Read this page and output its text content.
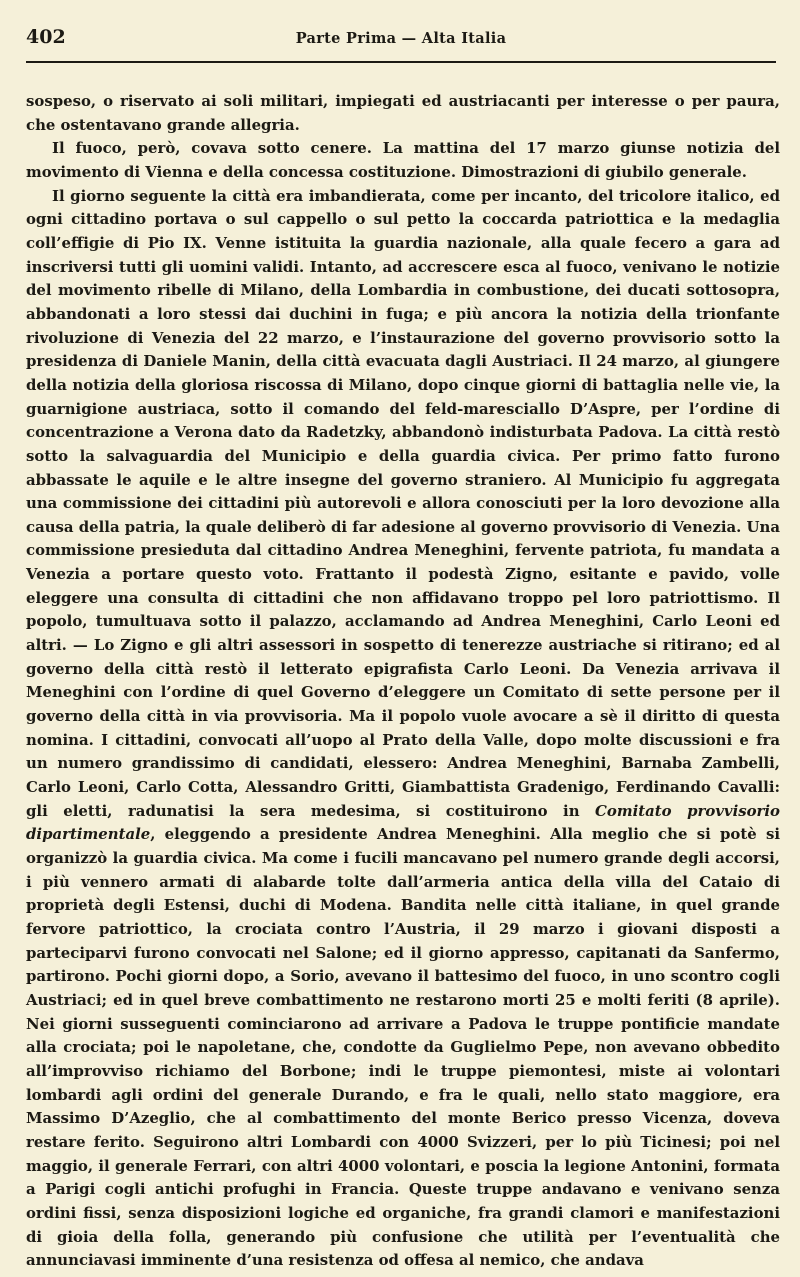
402	Parte Prima — Alta Italia

sospeso, o riservato ai soli militari, impiegati ed austriacanti per interesse o per paura, che ostentavano grande allegria.

Il fuoco, però, covava sotto cenere. La mattina del 17 marzo giunse notizia del movimento di Vienna e della concessa costituzione. Dimostrazioni di giubilo generale.

Il giorno seguente la città era imbandierata, come per incanto, del tricolore italico, ed ogni cittadino portava o sul cappello o sul petto la coccarda patriottica e la medaglia coll’effigie di Pio IX. Venne istituita la guardia nazionale, alla quale fecero a gara ad inscriversi tutti gli uomini validi. Intanto, ad accrescere esca al fuoco, venivano le notizie del movimento ribelle di Milano, della Lombardia in combustione, dei ducati sottosopra, abbandonati a loro stessi dai duchini in fuga; e più ancora la notizia della trionfante rivoluzione di Venezia del 22 marzo, e l’instaurazione del governo provvisorio sotto la presidenza di Daniele Manin, della città evacuata dagli Austriaci. Il 24 marzo, al giungere della notizia della gloriosa riscossa di Milano, dopo cinque giorni di battaglia nelle vie, la guarnigione austriaca, sotto il comando del feld-maresciallo D’Aspre, per l’ordine di concentrazione a Verona dato da Radetzky, abbandonò indisturbata Padova. La città restò sotto la salvaguardia del Municipio e della guardia civica. Per primo fatto furono abbassate le aquile e le altre insegne del governo straniero. Al Municipio fu aggregata una commissione dei cittadini più autorevoli e allora conosciuti per la loro devozione alla causa della patria, la quale deliberò di far adesione al governo provvisorio di Venezia. Una commissione presieduta dal cittadino Andrea Meneghini, fervente patriota, fu mandata a Venezia a portare questo voto. Frattanto il podestà Zigno, esitante e pavido, volle eleggere una consulta di cittadini che non affidavano troppo pel loro patriottismo. Il popolo, tumultuava sotto il palazzo, acclamando ad Andrea Meneghini, Carlo Leoni ed altri. — Lo Zigno e gli altri assessori in sospetto di tenerezze austriache si ritirano; ed al governo della città restò il letterato epigrafista Carlo Leoni. Da Venezia arrivava il Meneghini con l’ordine di quel Governo d’eleggere un Comitato di sette persone per il governo della città in via provvisoria. Ma il popolo vuole avocare a sè il diritto di questa nomina. I cittadini, convocati all’uopo al Prato della Valle, dopo molte discussioni e fra un numero grandissimo di candidati, elessero: Andrea Meneghini, Barnaba Zambelli, Carlo Leoni, Carlo Cotta, Alessandro Gritti, Giambattista Gradenigo, Ferdinando Cavalli: gli eletti, radunatisi la sera medesima, si costituirono in Comitato provvisorio dipartimentale, eleggendo a presidente Andrea Meneghini. Alla meglio che si potè si organizzò la guardia civica. Ma come i fucili mancavano pel numero grande degli accorsi, i più vennero armati di alabarde tolte dall’armeria antica della villa del Cataio di proprietà degli Estensi, duchi di Modena. Bandita nelle città italiane, in quel grande fervore patriottico, la crociata contro l’Austria, il 29 marzo i giovani disposti a parteciparvi furono convocati nel Salone; ed il giorno appresso, capitanati da Sanfermo, partirono. Pochi giorni dopo, a Sorio, avevano il battesimo del fuoco, in uno scontro cogli Austriaci; ed in quel breve combattimento ne restarono morti 25 e molti feriti (8 aprile). Nei giorni susseguenti cominciarono ad arrivare a Padova le truppe pontificie mandate alla crociata; poi le napoletane, che, condotte da Guglielmo Pepe, non avevano obbedito all’improvviso richiamo del Borbone; indi le truppe piemontesi, miste ai volontari lombardi agli ordini del generale Durando, e fra le quali, nello stato maggiore, era Massimo D’Azeglio, che al combattimento del monte Berico presso Vicenza, doveva restare ferito. Seguirono altri Lombardi con 4000 Svizzeri, per lo più Ticinesi; poi nel maggio, il generale Ferrari, con altri 4000 volontari, e poscia la legione Antonini, formata a Parigi cogli antichi profughi in Francia. Queste truppe andavano e venivano senza ordini fissi, senza disposizioni logiche ed organiche, fra grandi clamori e manifestazioni di gioia della folla, generando più confusione che utilità per l’eventualità che annunciavasi imminente d’una resistenza od offesa al nemico, che andava
